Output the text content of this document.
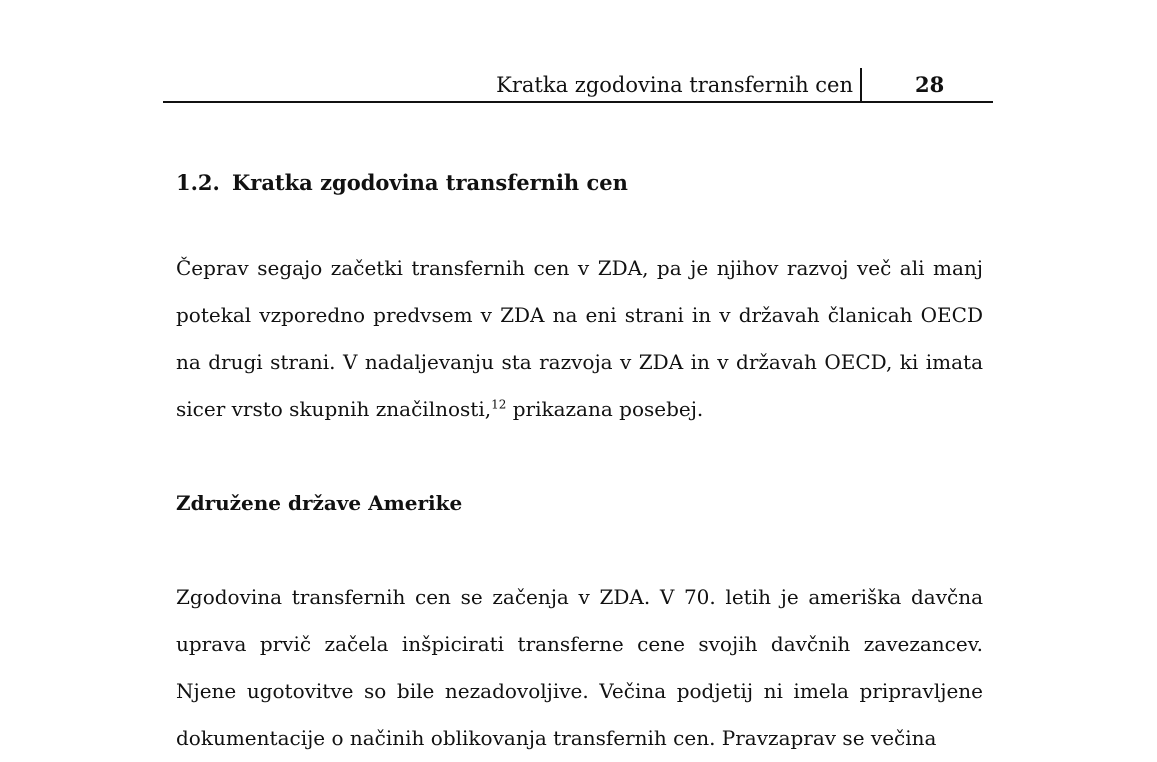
Kratka zgodovina transfernih cen	28
1.2. Kratka zgodovina transfernih cen

Čeprav segajo začetki transfernih cen v ZDA, pa je njihov razvoj več ali manj potekal vzporedno predvsem v ZDA na eni strani in v državah članicah OECD na drugi strani. V nadaljevanju sta razvoja v ZDA in v državah OECD, ki imata sicer vrsto skupnih značilnosti,$^{12}$ prikazana posebej.

Združene države Amerike

Zgodovina transfernih cen se začenja v ZDA. V 70. letih je ameriška davčna uprava prvič začela inšpicirati transferne cene svojih davčnih zavezancev. Njene ugotovitve so bile nezadovoljive. Večina podjetij ni imela pripravljene dokumentacije o načinih oblikovanja transfernih cen. Pravzaprav se večina
